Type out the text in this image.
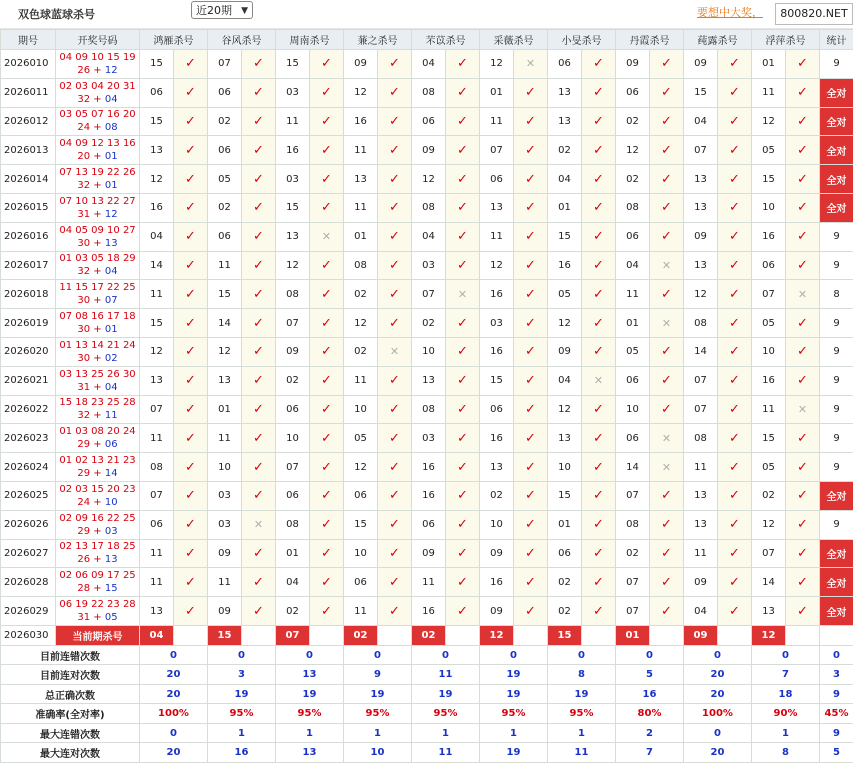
双色球蓝球杀号	近20期 ▼	要想中大奖，	800820.NET
期号	开奖号码	鸿雁杀号		谷风杀号		周南杀号		蒹之杀号		芣苡杀号		采薇杀号		小旻杀号		丹霞杀号		莼露杀号		浮萍杀号		统计
2026010	04 09 10 15 19 26 + 12	15	✓	07	✓	15	✓	09	✓	04	✓	12	✕	06	✓	09	✓	09	✓	01	✓	9
2026011	02 03 04 20 31 32 + 04	06	✓	06	✓	03	✓	12	✓	08	✓	01	✓	13	✓	06	✓	15	✓	11	✓	全对
2026012	03 05 07 16 20 24 + 08	15	✓	02	✓	11	✓	16	✓	06	✓	11	✓	13	✓	02	✓	04	✓	12	✓	全对
2026013	04 09 12 13 16 20 + 01	13	✓	06	✓	16	✓	11	✓	09	✓	07	✓	02	✓	12	✓	07	✓	05	✓	全对
2026014	07 13 19 22 26 32 + 01	12	✓	05	✓	03	✓	13	✓	12	✓	06	✓	04	✓	02	✓	13	✓	15	✓	全对
2026015	07 10 13 22 27 31 + 12	16	✓	02	✓	15	✓	11	✓	08	✓	13	✓	01	✓	08	✓	13	✓	10	✓	全对
2026016	04 05 09 10 27 30 + 13	04	✓	06	✓	13	✕	01	✓	04	✓	11	✓	15	✓	06	✓	09	✓	16	✓	9
2026017	01 03 05 18 29 32 + 04	14	✓	11	✓	12	✓	08	✓	03	✓	12	✓	16	✓	04	✕	13	✓	06	✓	9
2026018	11 15 17 22 25 30 + 07	11	✓	15	✓	08	✓	02	✓	07	✕	16	✓	05	✓	11	✓	12	✓	07	✕	8
2026019	07 08 16 17 18 30 + 01	15	✓	14	✓	07	✓	12	✓	02	✓	03	✓	12	✓	01	✕	08	✓	05	✓	9
2026020	01 13 14 21 24 30 + 02	12	✓	12	✓	09	✓	02	✕	10	✓	16	✓	09	✓	05	✓	14	✓	10	✓	9
2026021	03 13 25 26 30 31 + 04	13	✓	13	✓	02	✓	11	✓	13	✓	15	✓	04	✕	06	✓	07	✓	16	✓	9
2026022	15 18 23 25 28 32 + 11	07	✓	01	✓	06	✓	10	✓	08	✓	06	✓	12	✓	10	✓	07	✓	11	✕	9
2026023	01 03 08 20 24 29 + 06	11	✓	11	✓	10	✓	05	✓	03	✓	16	✓	13	✓	06	✕	08	✓	15	✓	9
2026024	01 02 13 21 23 29 + 14	08	✓	10	✓	07	✓	12	✓	16	✓	13	✓	10	✓	14	✕	11	✓	05	✓	9
2026025	02 03 15 20 23 24 + 10	07	✓	03	✓	06	✓	06	✓	16	✓	02	✓	15	✓	07	✓	13	✓	02	✓	全对
2026026	02 09 16 22 25 29 + 03	06	✓	03	✕	08	✓	15	✓	06	✓	10	✓	01	✓	08	✓	13	✓	12	✓	9
2026027	02 13 17 18 25 26 + 13	11	✓	09	✓	01	✓	10	✓	09	✓	09	✓	06	✓	02	✓	11	✓	07	✓	全对
2026028	02 06 09 17 25 28 + 15	11	✓	11	✓	04	✓	06	✓	11	✓	16	✓	02	✓	07	✓	09	✓	14	✓	全对
2026029	06 19 22 23 28 31 + 05	13	✓	09	✓	02	✓	11	✓	16	✓	09	✓	02	✓	07	✓	04	✓	13	✓	全对
2026030	当前期杀号	04		15		07		02		02		12		15		01		09		12		
目前连错次数		0		0		0		0		0		0		0		0		0		0		0
目前连对次数		20		3		13		9		11		19		8		5		20		7		3
总正确次数		20		19		19		19		19		19		19		16		20		18		9
准确率(全对率)		100%		95%		95%		95%		95%		95%		95%		80%		100%		90%		45%
最大连错次数		0		1		1		1		1		1		1		2		0		1		9
最大连对次数		20		16		13		10		11		19		11		7		20		8		5
